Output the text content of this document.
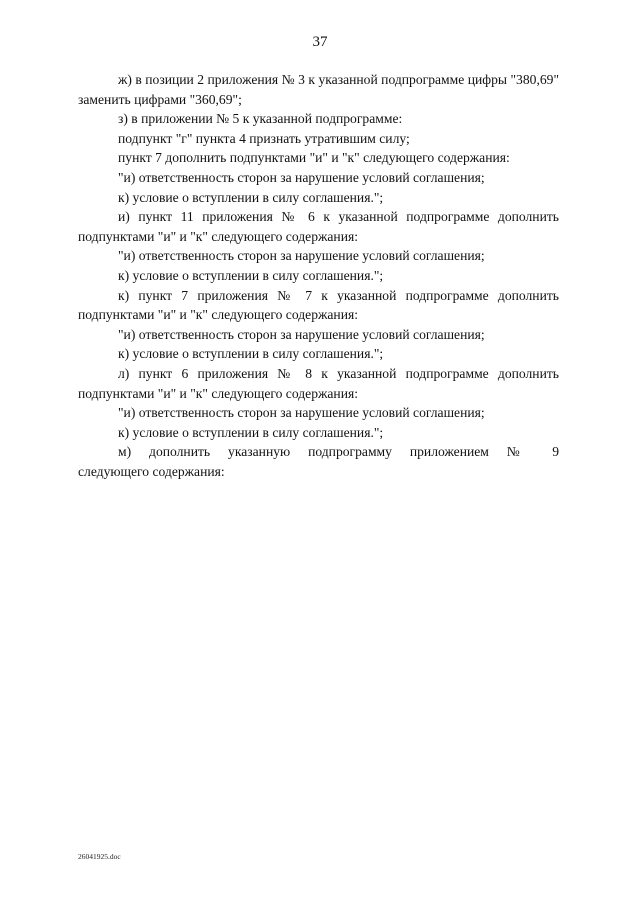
37

ж) в позиции 2 приложения № 3 к указанной подпрограмме цифры "380,69" заменить цифрами "360,69";

з) в приложении № 5 к указанной подпрограмме:

подпункт "г" пункта 4 признать утратившим силу;

пункт 7 дополнить подпунктами "и" и "к" следующего содержания:

"и) ответственность сторон за нарушение условий соглашения;

к) условие о вступлении в силу соглашения.";

и) пункт 11 приложения № 6 к указанной подпрограмме дополнить подпунктами "и" и "к" следующего содержания:

"и) ответственность сторон за нарушение условий соглашения;

к) условие о вступлении в силу соглашения.";

к) пункт 7 приложения № 7 к указанной подпрограмме дополнить подпунктами "и" и "к" следующего содержания:

"и) ответственность сторон за нарушение условий соглашения;

к) условие о вступлении в силу соглашения.";

л) пункт 6 приложения № 8 к указанной подпрограмме дополнить подпунктами "и" и "к" следующего содержания:

"и) ответственность сторон за нарушение условий соглашения;

к) условие о вступлении в силу соглашения.";

м) дополнить указанную подпрограмму приложением № 9

следующего содержания:

26041925.doc
